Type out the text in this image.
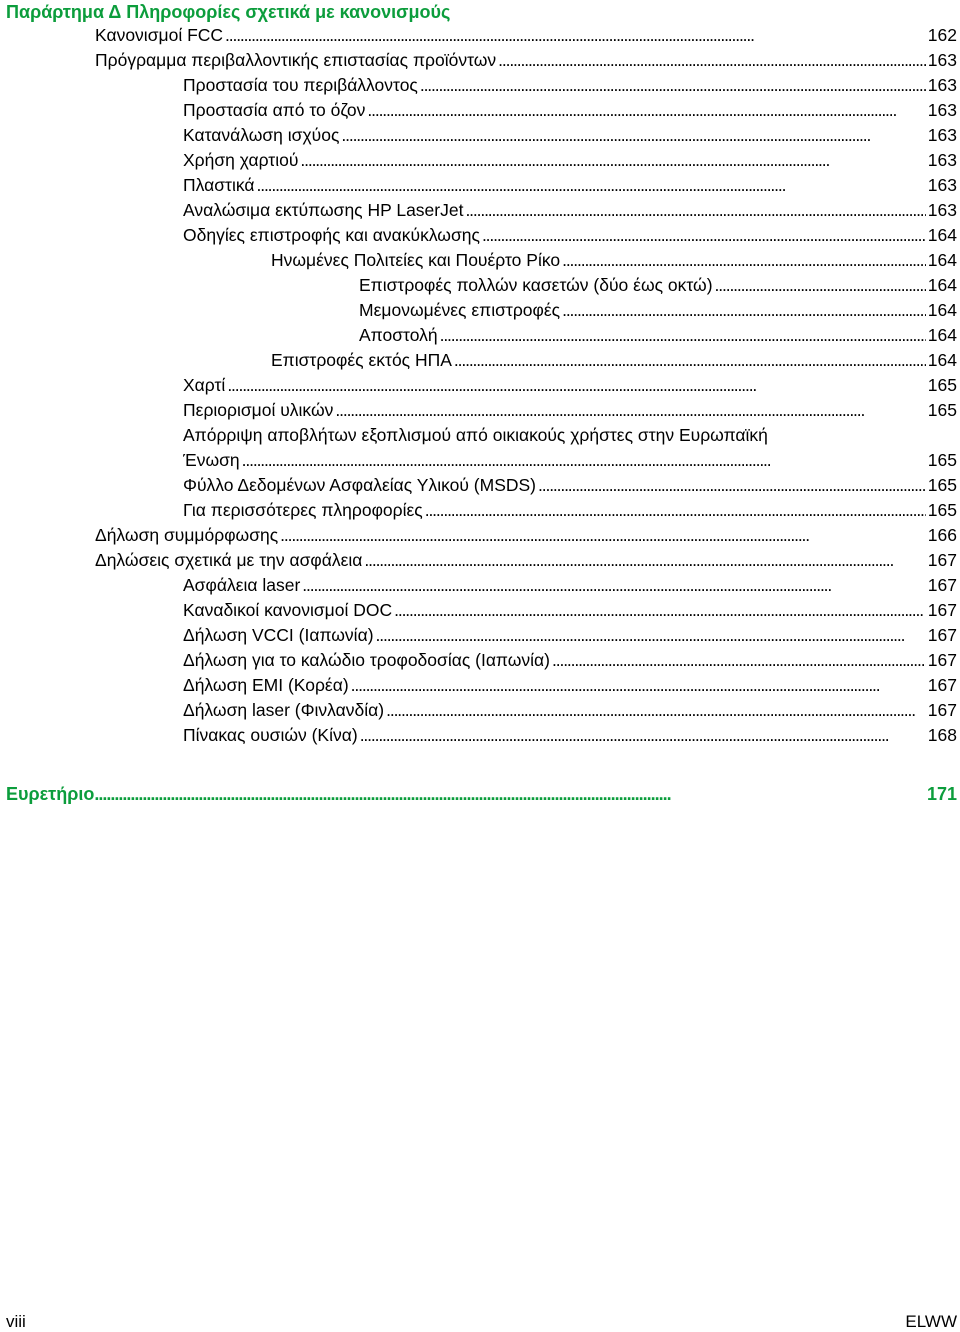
Παράρτημα Δ Πληροφορίες σχετικά με κανονισμούς
Κανονισμοί FCC . . .	162
Πρόγραμμα περιβαλλοντικής επιστασίας προϊόντων . . .	163
Προστασία του περιβάλλοντος . . .	163
Προστασία από το όζον . . .	163
Κατανάλωση ισχύος . . .	163
Χρήση χαρτιού . . .	163
Πλαστικά . . .	163
Αναλώσιμα εκτύπωσης HP LaserJet . . .	163
Οδηγίες επιστροφής και ανακύκλωσης . . .	164
Ηνωμένες Πολιτείες και Πουέρτο Ρίκο . . .	164
Επιστροφές πολλών κασετών (δύο έως οκτώ) . . .	164
Μεμονωμένες επιστροφές . . .	164
Αποστολή . . .	164
Επιστροφές εκτός ΗΠΑ . . .	164
Χαρτί . . .	165
Περιορισμοί υλικών . . .	165
Απόρριψη αποβλήτων εξοπλισμού από οικιακούς χρήστες στην Ευρωπαϊκή
Ένωση . . .	165
Φύλλο Δεδομένων Ασφαλείας Υλικού (MSDS) . . .	165
Για περισσότερες πληροφορίες . . .	165
Δήλωση συμμόρφωσης . . .	166
Δηλώσεις σχετικά με την ασφάλεια . . .	167
Ασφάλεια laser . . .	167
Καναδικοί κανονισμοί DOC . . .	167
Δήλωση VCCI (Ιαπωνία) . . .	167
Δήλωση για το καλώδιο τροφοδοσίας (Ιαπωνία) . . .	167
Δήλωση EMI (Κορέα) . . .	167
Δήλωση laser (Φινλανδία) . . .	167
Πίνακας ουσιών (Κίνα) . . .	168
Ευρετήριο . . .	171
viii	ELWW
